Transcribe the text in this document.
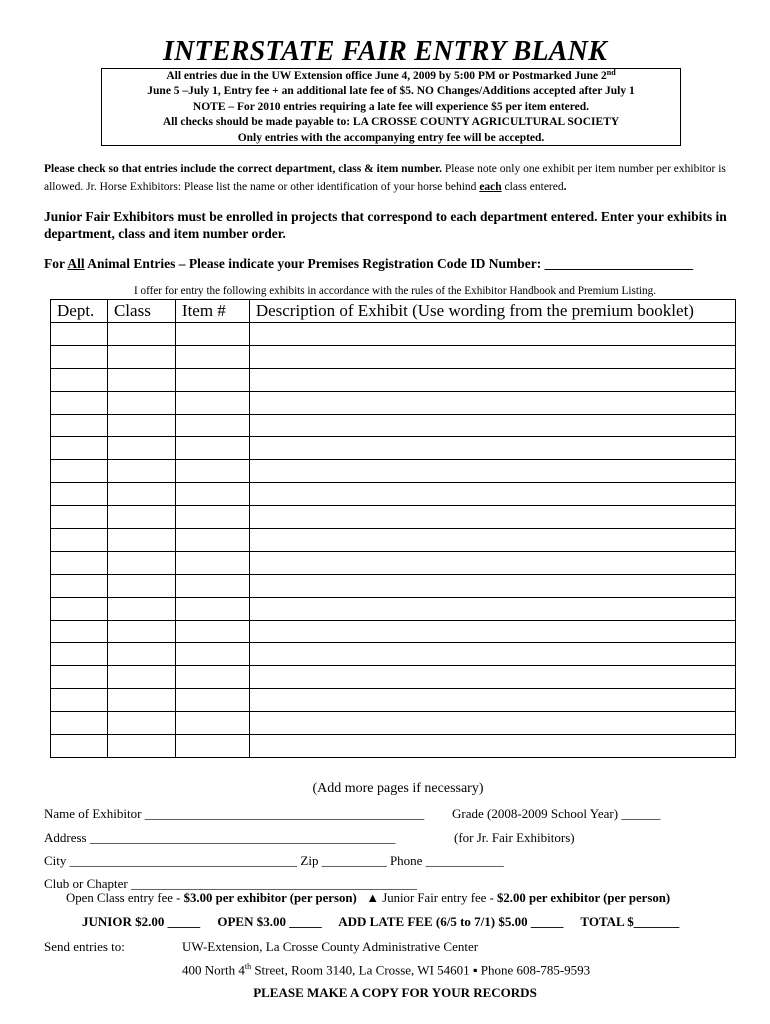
INTERSTATE FAIR ENTRY BLANK
All entries due in the UW Extension office June 4, 2009 by 5:00 PM or Postmarked June 2nd
June 5 –July 1, Entry fee + an additional late fee of $5. NO Changes/Additions accepted after July 1
NOTE – For 2010 entries requiring a late fee will experience $5 per item entered.
All checks should be made payable to: LA CROSSE COUNTY AGRICULTURAL SOCIETY
Only entries with the accompanying entry fee will be accepted.
Please check so that entries include the correct department, class & item number. Please note only one exhibit per item number per exhibitor is allowed. Jr. Horse Exhibitors: Please list the name or other identification of your horse behind each class entered.
Junior Fair Exhibitors must be enrolled in projects that correspond to each department entered. Enter your exhibits in department, class and item number order.
For All Animal Entries – Please indicate your Premises Registration Code ID Number: ______________________
I offer for entry the following exhibits in accordance with the rules of the Exhibitor Handbook and Premium Listing.
Dept.	Class	Item #	Description of Exhibit (Use wording from the premium booklet)

(Add more pages if necessary)
Name of Exhibitor ___________________________________________ Grade (2008-2009 School Year) ______
Address _______________________________________________	(for Jr. Fair Exhibitors)
City ___________________________________ Zip __________ Phone ____________
Club or Chapter ____________________________________________
Open Class entry fee - $3.00 per exhibitor (per person) ▲ Junior Fair entry fee - $2.00 per exhibitor (per person)
JUNIOR $2.00 _____ OPEN $3.00 _____ ADD LATE FEE (6/5 to 7/1) $5.00 _____ TOTAL $_______
Send entries to:	UW-Extension, La Crosse County Administrative Center
400 North 4th Street, Room 3140, La Crosse, WI 54601 ▪ Phone 608-785-9593
PLEASE MAKE A COPY FOR YOUR RECORDS
